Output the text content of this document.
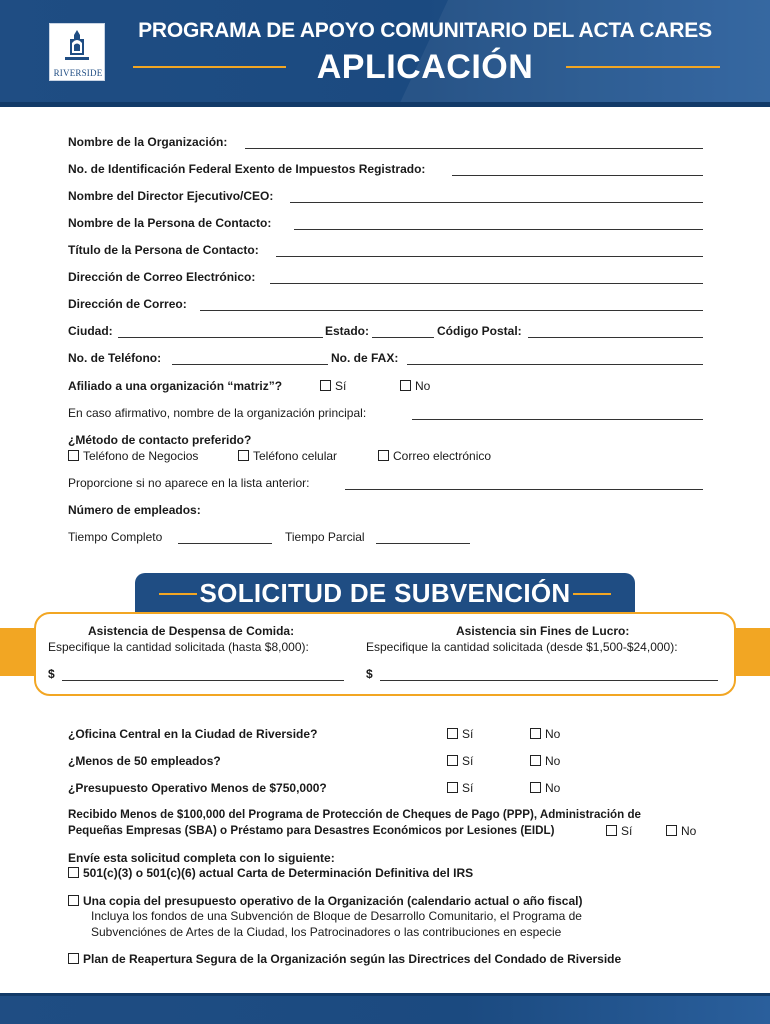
RIVERSIDE
PROGRAMA DE APOYO COMUNITARIO DEL ACTA CARES
APLICACIÓN
Nombre de la Organización:
No. de Identificación Federal Exento de Impuestos Registrado:
Nombre del Director Ejecutivo/CEO:
Nombre de la Persona de Contacto:
Título de la Persona de Contacto:
Dirección de Correo Electrónico:
Dirección de Correo:
Ciudad:	Estado:	Código Postal:
No. de Teléfono:	No. de FAX:
Afiliado a una organización “matriz”?	Sí	No
En caso afirmativo, nombre de la organización principal:
¿Método de contacto preferido?
Teléfono de Negocios	Teléfono celular	Correo electrónico
Proporcione si no aparece en la lista anterior:
Número de empleados:
Tiempo Completo	Tiempo Parcial
SOLICITUD DE SUBVENCIÓN
Asistencia de Despensa de Comida:
Especifique la cantidad solicitada (hasta $8,000):
$
Asistencia sin Fines de Lucro:
Especifique la cantidad solicitada (desde $1,500-$24,000):
$
¿Oficina Central en la Ciudad de Riverside?	Sí	No
¿Menos de 50 empleados?	Sí	No
¿Presupuesto Operativo Menos de $750,000?	Sí	No
Recibido Menos de $100,000 del Programa de Protección de Cheques de Pago (PPP), Administración de
Pequeñas Empresas (SBA) o Préstamo para Desastres Económicos por Lesiones (EIDL)	Sí	No
Envíe esta solicitud completa con lo siguiente:
501(c)(3) o 501(c)(6) actual Carta de Determinación Definitiva del IRS
Una copia del presupuesto operativo de la Organización (calendario actual o año fiscal)
Incluya los fondos de una Subvención de Bloque de Desarrollo Comunitario, el Programa de
Subvenciónes de Artes de la Ciudad, los Patrocinadores o las contribuciones en especie
Plan de Reapertura Segura de la Organización según las Directrices del Condado de Riverside
